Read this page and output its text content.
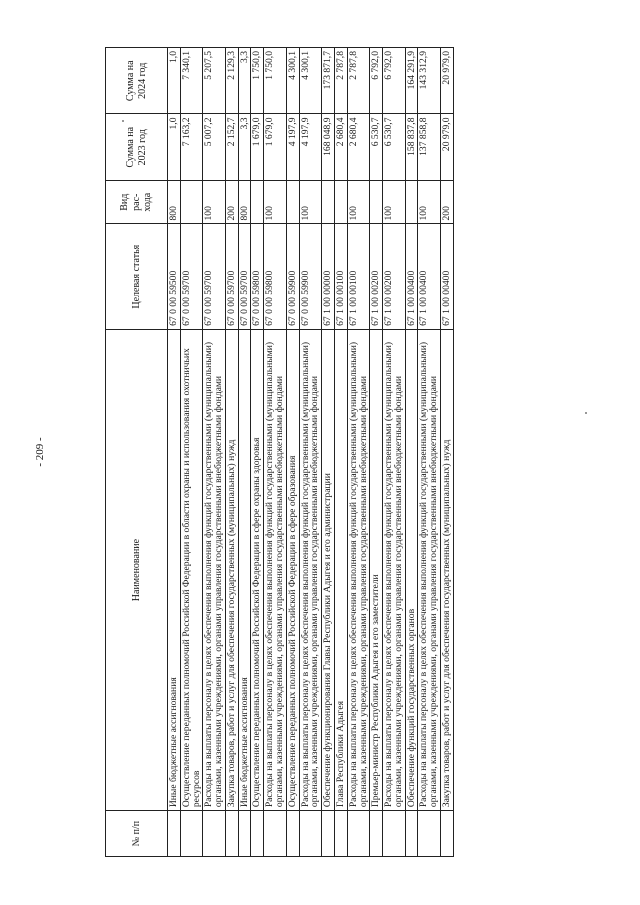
- 209 -
№ п/п	Наименование	Целевая статья	Вид рас- хода	Сумма на 2023 год	Сумма на 2024 год
	Иные бюджетные ассигнования	67 0 00 59500	800	1,0	1,0
	Осуществление переданных полномочий Российской Федерации в области охраны и использования охотничьих ресурсов	67 0 00 59700		7 163,2	7 340,1
	Расходы на выплаты персоналу в целях обеспечения выполнения функций государственными (муниципальными) органами, казенными учреждениями, органами управления государственными внебюджетными фондами	67 0 00 59700	100	5 007,2	5 207,5
	Закупка товаров, работ и услуг для обеспечения государственных (муниципальных) нужд	67 0 00 59700	200	2 152,7	2 129,3
	Иные бюджетные ассигнования	67 0 00 59700	800	3,3	3,3
	Осуществление переданных полномочий Российской Федерации в сфере охраны здоровья	67 0 00 59800		1 679,0	1 750,0
	Расходы на выплаты персоналу в целях обеспечения выполнения функций государственными (муниципальными) органами, казенными учреждениями, органами управления государственными внебюджетными фондами	67 0 00 59800	100	1 679,0	1 750,0
	Осуществление переданных полномочий Российской Федерации в сфере образования	67 0 00 59900		4 197,9	4 300,1
	Расходы на выплаты персоналу в целях обеспечения выполнения функций государственными (муниципальными) органами, казенными учреждениями, органами управления государственными внебюджетными фондами	67 0 00 59900	100	4 197,9	4 300,1
	Обеспечение функционирования Главы Республики Адыгея и его администрации	67 1 00 00000		168 048,9	173 871,7
	Глава Республики Адыгея	67 1 00 00100		2 680,4	2 787,8
	Расходы на выплаты персоналу в целях обеспечения выполнения функций государственными (муниципальными) органами, казенными учреждениями, органами управления государственными внебюджетными фондами	67 1 00 00100	100	2 680,4	2 787,8
	Премьер-министр Республики Адыгея и его заместители	67 1 00 00200		6 530,7	6 792,0
	Расходы на выплаты персоналу в целях обеспечения выполнения функций государственными (муниципальными) органами, казенными учреждениями, органами управления государственными внебюджетными фондами	67 1 00 00200	100	6 530,7	6 792,0
	Обеспечение функций государственных органов	67 1 00 00400		158 837,8	164 291,9
	Расходы на выплаты персоналу в целях обеспечения выполнения функций государственными (муниципальными) органами, казенными учреждениями, органами управления государственными внебюджетными фондами	67 1 00 00400	100	137 858,8	143 312,9
	Закупка товаров, работ и услуг для обеспечения государственных (муниципальных) нужд	67 1 00 00400	200	20 979,0	20 979,0
